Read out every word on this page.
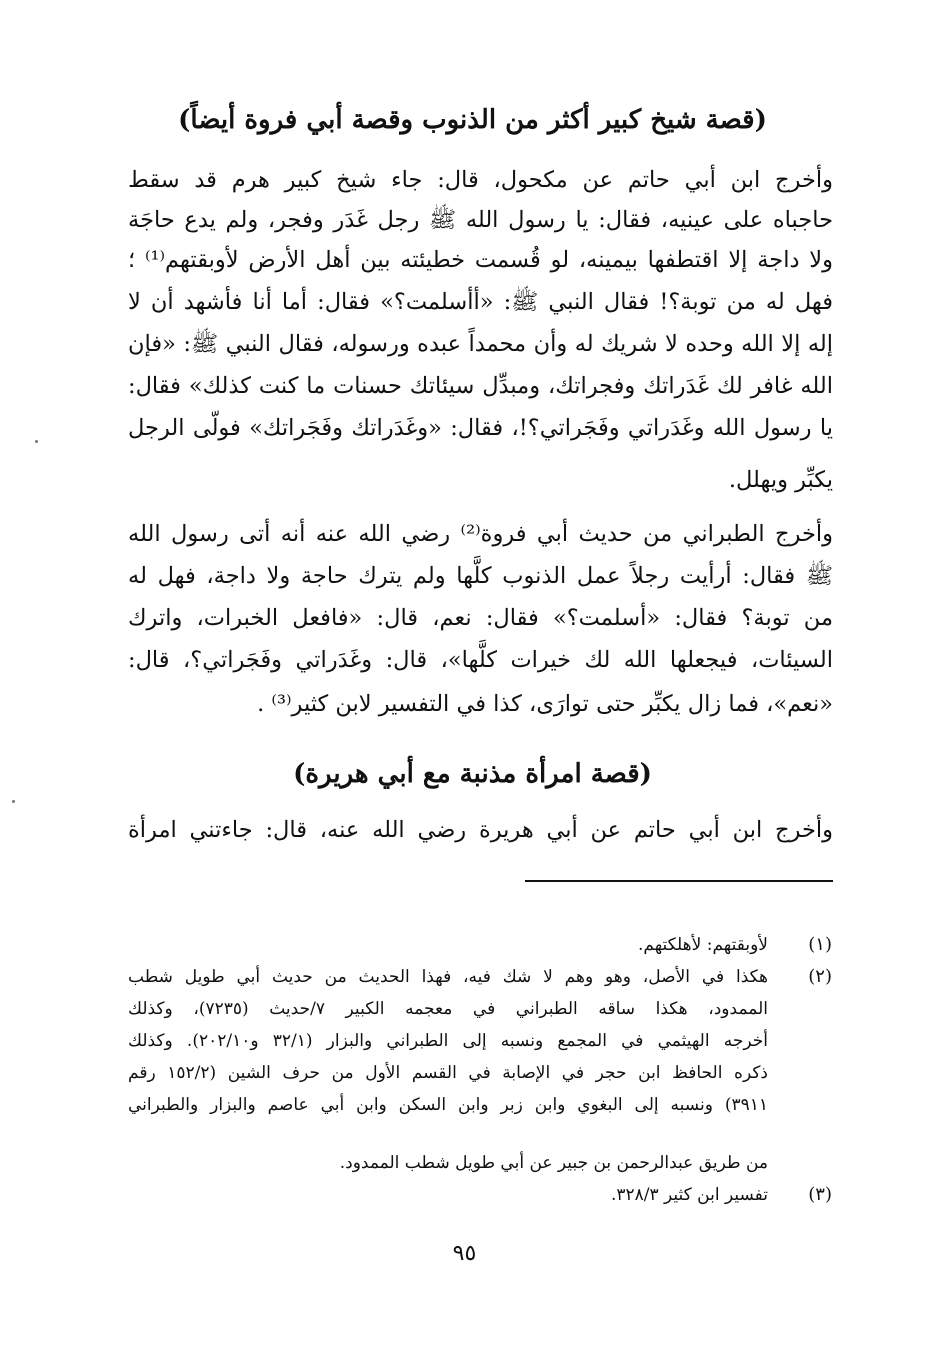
(قصة شيخ كبير أكثر من الذنوب وقصة أبي فروة أيضاً)
وأخرج ابن أبي حاتم عن مكحول، قال: جاء شيخ كبير هرم قد سقط
حاجباه على عينيه، فقال: يا رسول الله ﷺ رجل غَدَر وفجر، ولم يدع حاجَة
ولا داجة إلا اقتطفها بيمينه، لو قُسمت خطيئته بين أهل الأرض لأوبقتهم⁽¹⁾ ؛
فهل له من توبة؟! فقال النبي ﷺ: «أأسلمت؟» فقال: أما أنا فأشهد أن لا
إله إلا الله وحده لا شريك له وأن محمداً عبده ورسوله، فقال النبي ﷺ: «فإن
الله غافر لك غَدَراتك وفجراتك، ومبدِّل سيئاتك حسنات ما كنت كذلك» فقال:
يا رسول الله وغَدَراتي وفَجَراتي؟!، فقال: «وغَدَراتك وفَجَراتك» فولّى الرجل
يكبِّر ويهلل.
وأخرج الطبراني من حديث أبي فروة⁽²⁾ رضي الله عنه أنه أتى رسول الله
ﷺ فقال: أرأيت رجلاً عمل الذنوب كلَّها ولم يترك حاجة ولا داجة، فهل له
من توبة؟ فقال: «أسلمت؟» فقال: نعم، قال: «فافعل الخبرات، واترك
السيئات، فيجعلها الله لك خيرات كلَّها»، قال: وغَدَراتي وفَجَراتي؟، قال:
«نعم»، فما زال يكبِّر حتى توارَى، كذا في التفسير لابن كثير⁽³⁾ .
(قصة امرأة مذنبة مع أبي هريرة)
وأخرج ابن أبي حاتم عن أبي هريرة رضي الله عنه، قال: جاءتني امرأة
(١)
لأوبقتهم: لأهلكتهم.
(٢)
هكذا في الأصل، وهو وهم لا شك فيه، فهذا الحديث من حديث أبي طويل شطب
الممدود، هكذا ساقه الطبراني في معجمه الكبير ٧/حديث (٧٢٣٥)، وكذلك
أخرجه الهيثمي في المجمع ونسبه إلى الطبراني والبزار (٣٢/١ و٢٠٢/١٠). وكذلك
ذكره الحافظ ابن حجر في الإصابة في القسم الأول من حرف الشين (١٥٢/٢ رقم
٣٩١١) ونسبه إلى البغوي وابن زبر وابن السكن وابن أبي عاصم والبزار والطبراني
من طريق عبدالرحمن بن جبير عن أبي طويل شطب الممدود.
(٣)
تفسير ابن كثير ٣٢٨/٣.
٩٥
